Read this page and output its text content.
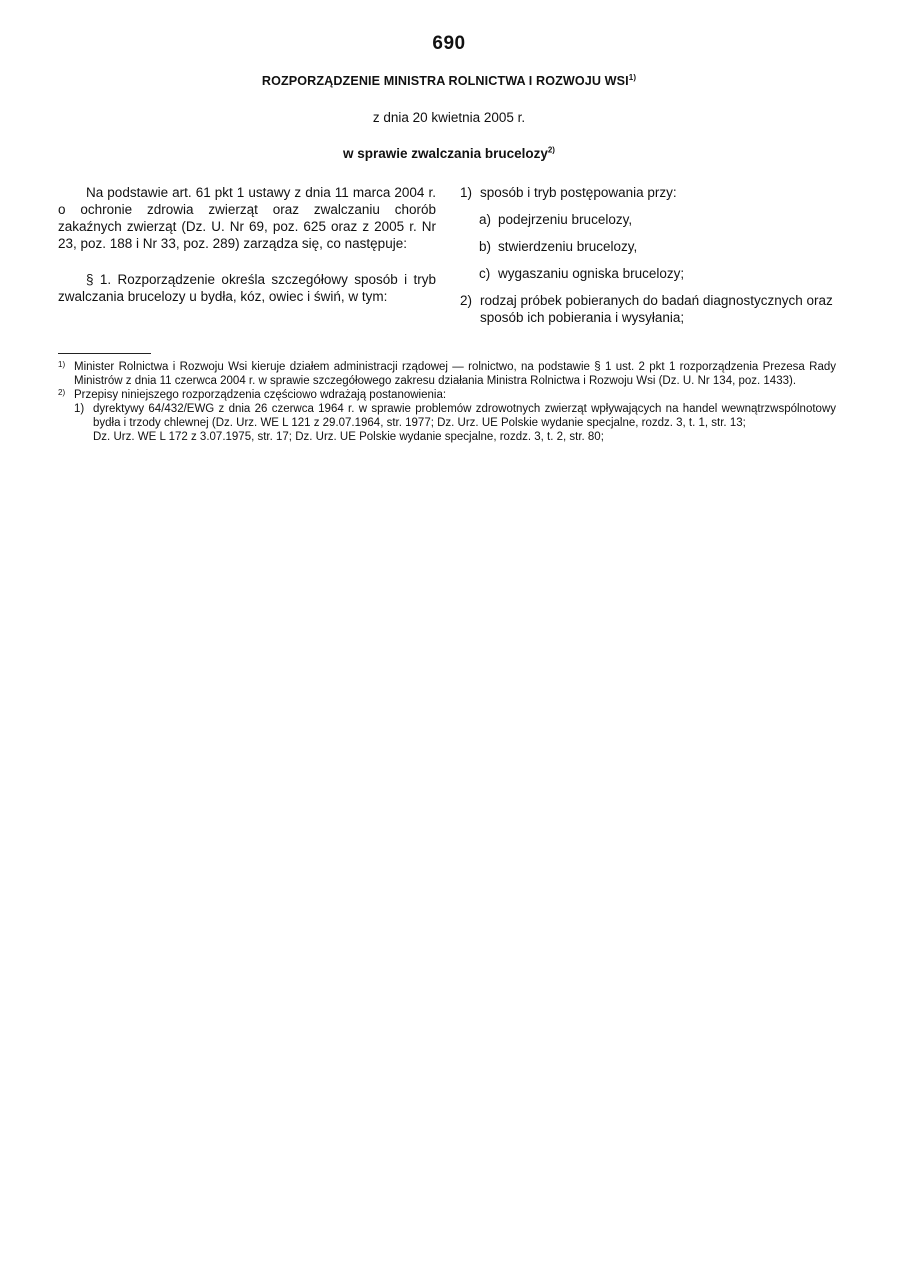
690
ROZPORZĄDZENIE MINISTRA ROLNICTWA I ROZWOJU WSI$^{1)}$
z dnia 20 kwietnia 2005 r.
w sprawie zwalczania brucelozy$^{2)}$

Na podstawie art. 61 pkt 1 ustawy z dnia 11 marca 2004 r. o ochronie zdrowia zwierząt oraz zwalczaniu chorób zakaźnych zwierząt (Dz. U. Nr 69, poz. 625 oraz z 2005 r. Nr 23, poz. 188 i Nr 33, poz. 289) zarządza się, co następuje:

§ 1. Rozporządzenie określa szczegółowy sposób i tryb zwalczania brucelozy u bydła, kóz, owiec i świń, w tym:

1) sposób i tryb postępowania przy:
a) podejrzeniu brucelozy,
b) stwierdzeniu brucelozy,
c) wygaszaniu ogniska brucelozy;
2) rodzaj próbek pobieranych do badań diagnostycznych oraz sposób ich pobierania i wysyłania;
1) Minister Rolnictwa i Rozwoju Wsi kieruje działem administracji rządowej — rolnictwo, na podstawie § 1 ust. 2 pkt 1 rozporządzenia Prezesa Rady Ministrów z dnia 11 czerwca 2004 r. w sprawie szczegółowego zakresu działania Ministra Rolnictwa i Rozwoju Wsi (Dz. U. Nr 134, poz. 1433).
2) Przepisy niniejszego rozporządzenia częściowo wdrażają postanowienia:
1) dyrektywy 64/432/EWG z dnia 26 czerwca 1964 r. w sprawie problemów zdrowotnych zwierząt wpływających na handel wewnątrzwspólnotowy bydła i trzody chlewnej (Dz. Urz. WE L 121 z 29.07.1964, str. 1977; Dz. Urz. UE Polskie wydanie specjalne, rozdz. 3, t. 1, str. 13;
Dz. Urz. WE L 172 z 3.07.1975, str. 17; Dz. Urz. UE Polskie wydanie specjalne, rozdz. 3, t. 2, str. 80;
